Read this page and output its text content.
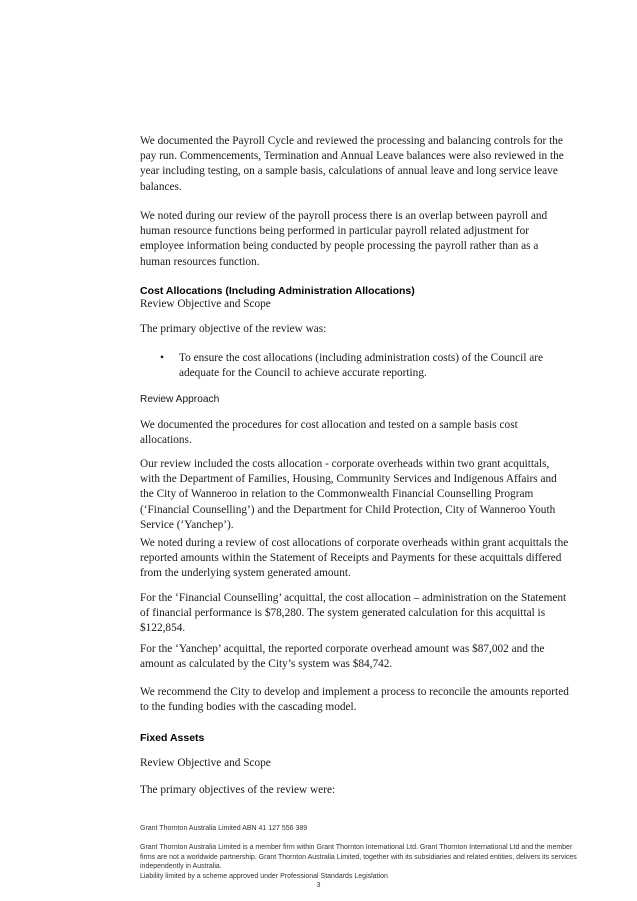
We documented the Payroll Cycle and reviewed the processing and balancing controls for the pay run. Commencements, Termination and Annual Leave balances were also reviewed in the year including testing, on a sample basis, calculations of annual leave and long service leave balances.

We noted during our review of the payroll process there is an overlap between payroll and human resource functions being performed in particular payroll related adjustment for employee information being conducted by people processing the payroll rather than as a human resources function.

Cost Allocations (Including Administration Allocations)

Review Objective and Scope

The primary objective of the review was:

• To ensure the cost allocations (including administration costs) of the Council are adequate for the Council to achieve accurate reporting.

Review Approach

We documented the procedures for cost allocation and tested on a sample basis cost allocations.

Our review included the costs allocation - corporate overheads within two grant acquittals, with the Department of Families, Housing, Community Services and Indigenous Affairs and the City of Wanneroo in relation to the Commonwealth Financial Counselling Program (‘Financial Counselling’) and the Department for Child Protection, City of Wanneroo Youth Service (‘Yanchep’).

We noted during a review of cost allocations of corporate overheads within grant acquittals the reported amounts within the Statement of Receipts and Payments for these acquittals differed from the underlying system generated amount.

For the ‘Financial Counselling’ acquittal, the cost allocation – administration on the Statement of financial performance is $78,280. The system generated calculation for this acquittal is $122,854.

For the ‘Yanchep’ acquittal, the reported corporate overhead amount was $87,002 and the amount as calculated by the City’s system was $84,742.

We recommend the City to develop and implement a process to reconcile the amounts reported to the funding bodies with the cascading model.

Fixed Assets

Review Objective and Scope

The primary objectives of the review were:

Grant Thornton Australia Limited ABN 41 127 556 389

Grant Thornton Australia Limited is a member firm within Grant Thornton International Ltd. Grant Thornton International Ltd and the member firms are not a worldwide partnership. Grant Thornton Australia Limited, together with its subsidiaries and related entities, delivers its services independently in Australia.

Liability limited by a scheme approved under Professional Standards Legislation

3
